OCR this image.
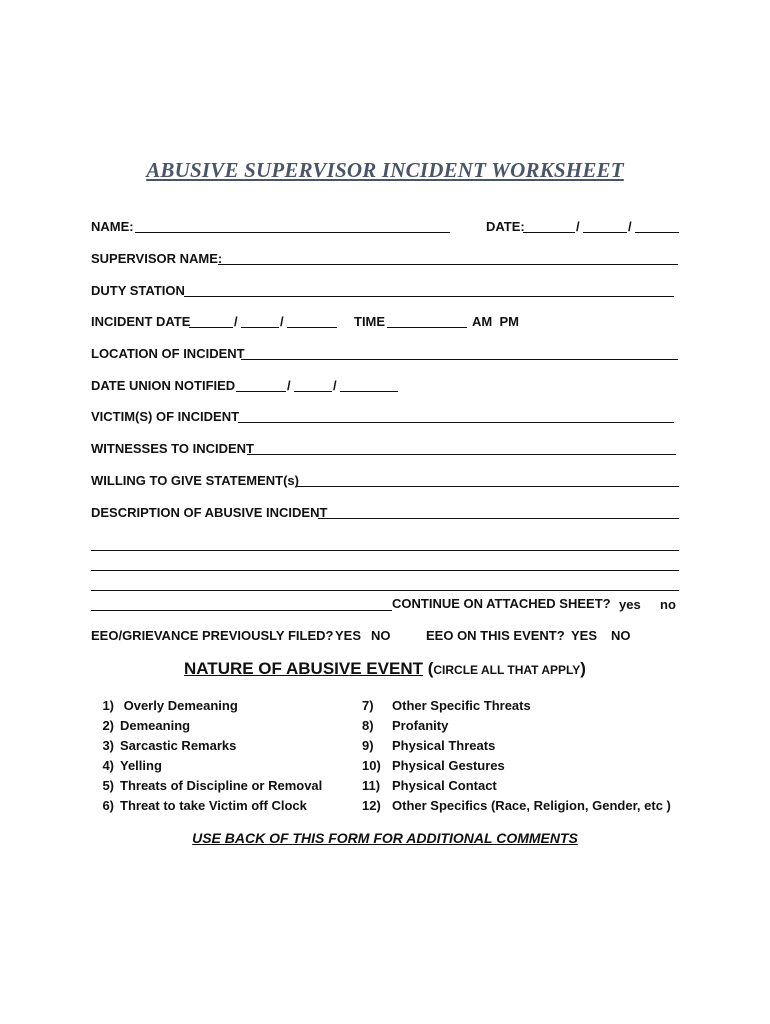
ABUSIVE SUPERVISOR INCIDENT WORKSHEET
NAME:	DATE:	/	/
SUPERVISOR NAME:
DUTY STATION
INCIDENT DATE	/	/	TIME	AM  PM
LOCATION OF INCIDENT
DATE UNION NOTIFIED	/	/
VICTIM(S) OF INCIDENT
WITNESSES TO INCIDENT
WILLING TO GIVE STATEMENT(s)
DESCRIPTION OF ABUSIVE INCIDENT
CONTINUE ON ATTACHED SHEET? yes no
EEO/GRIEVANCE PREVIOUSLY FILED? YES NO	EEO ON THIS EVENT? YES NO
NATURE OF ABUSIVE EVENT (CIRCLE ALL THAT APPLY)
1) Overly Demeaning
2) Demeaning
3) Sarcastic Remarks
4) Yelling
5) Threats of Discipline or Removal
6) Threat to take Victim off Clock
7) Other Specific Threats
8) Profanity
9) Physical Threats
10) Physical Gestures
11) Physical Contact
12) Other Specifics (Race, Religion, Gender, etc )
USE BACK OF THIS FORM FOR ADDITIONAL COMMENTS
